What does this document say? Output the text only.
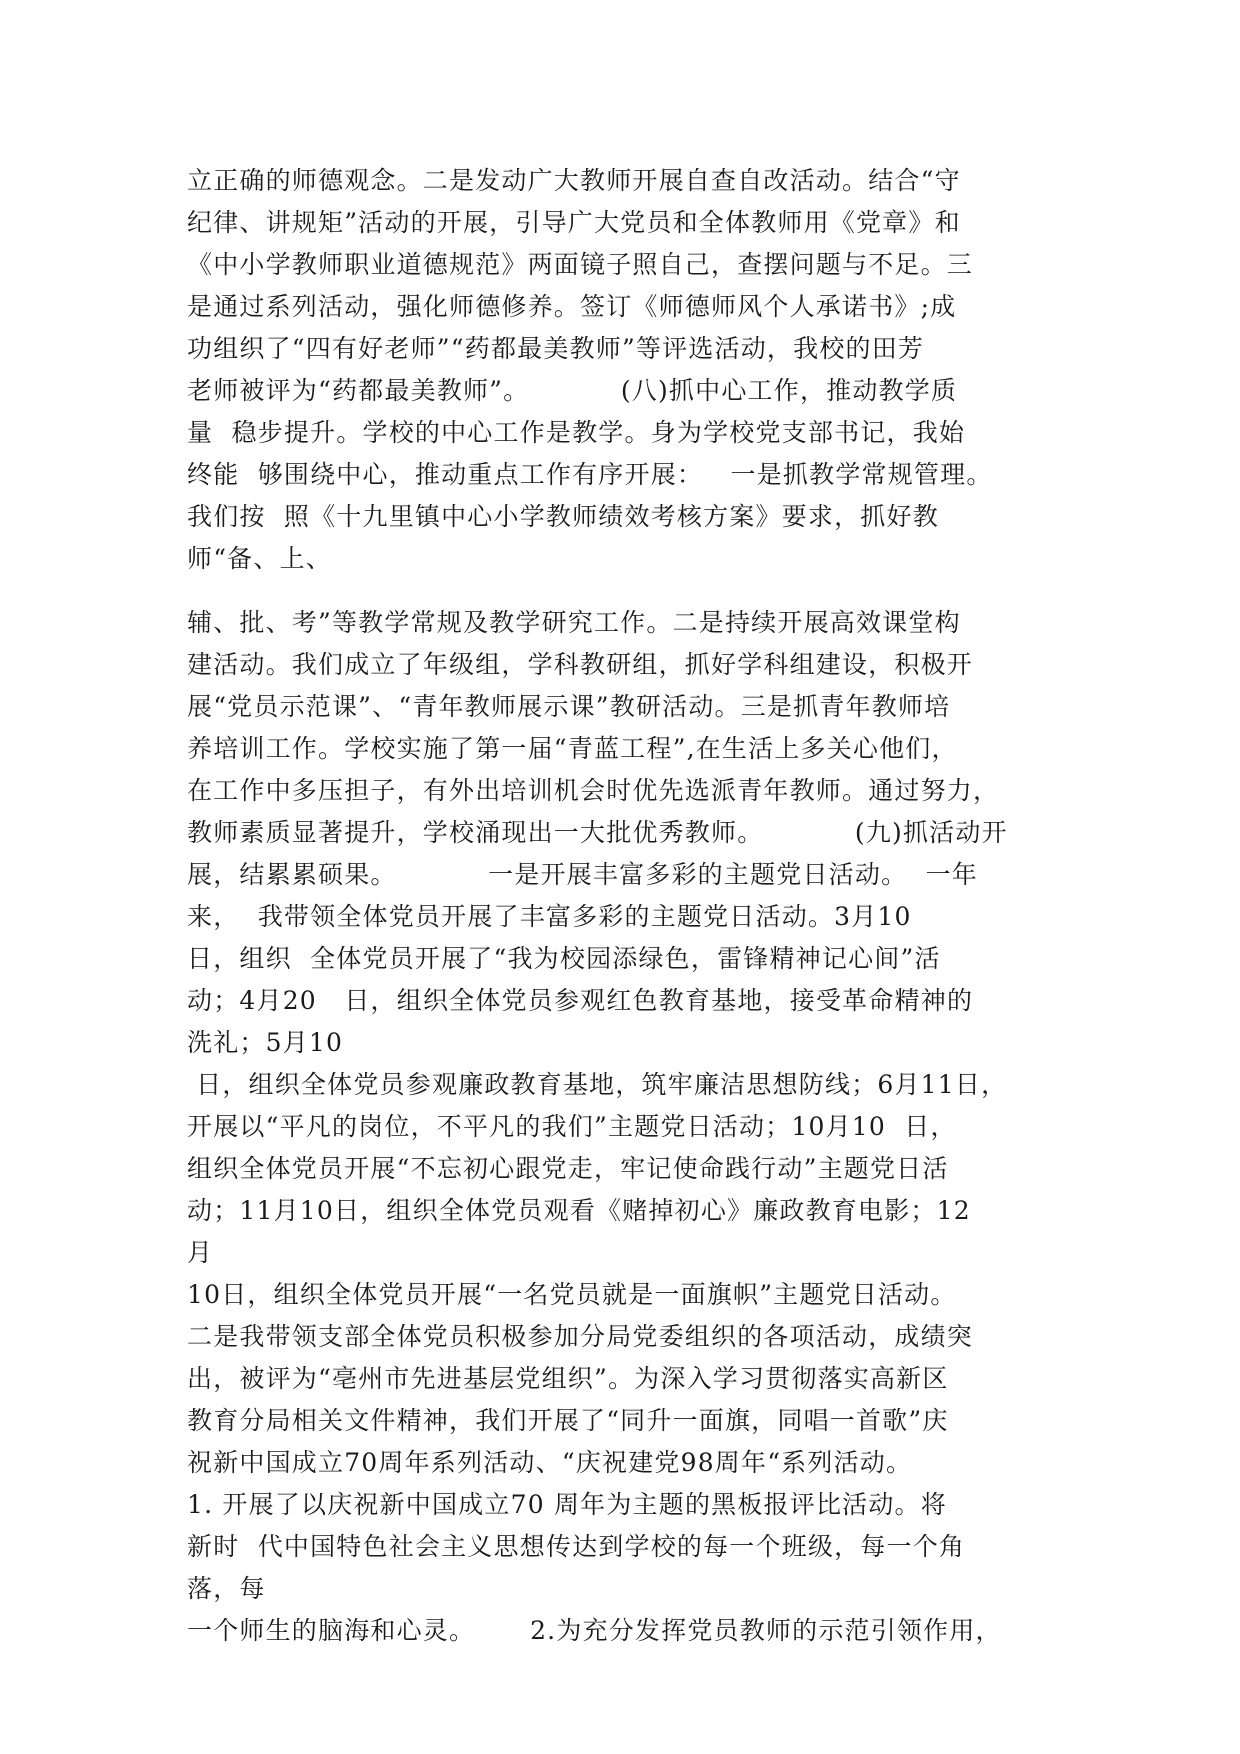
立正确的师德观念。二是发动广大教师开展自查自改活动。结合“守
纪律、讲规矩”活动的开展，引导广大党员和全体教师用《党章》和
《中小学教师职业道德规范》两面镜子照自己，查摆问题与不足。三
是通过系列活动，强化师德修养。签订《师德师风个人承诺书》;成
功组织了“四有好老师”“药都最美教师”等评选活动，我校的田芳
老师被评为“药都最美教师”。          (八)抓中心工作，推动教学质
量  稳步提升。学校的中心工作是教学。身为学校党支部书记，我始
终能  够围绕中心，推动重点工作有序开展：   一是抓教学常规管理。
我们按  照《十九里镇中心小学教师绩效考核方案》要求，抓好教
师“备、上、
辅、批、考”等教学常规及教学研究工作。二是持续开展高效课堂构
建活动。我们成立了年级组，学科教研组，抓好学科组建设，积极开
展“党员示范课”、“青年教师展示课”教研活动。三是抓青年教师培
养培训工作。学校实施了第一届“青蓝工程”,在生活上多关心他们，
在工作中多压担子，有外出培训机会时优先选派青年教师。通过努力，
教师素质显著提升，学校涌现出一大批优秀教师。          (九)抓活动开
展，结累累硕果。          一是开展丰富多彩的主题党日活动。  一年
来，  我带领全体党员开展了丰富多彩的主题党日活动。3月10
日，组织  全体党员开展了“我为校园添绿色，雷锋精神记心间”活
动；4月20   日，组织全体党员参观红色教育基地，接受革命精神的
洗礼；5月10
日，组织全体党员参观廉政教育基地，筑牢廉洁思想防线；6月11日，
开展以“平凡的岗位，不平凡的我们”主题党日活动；10月10  日，
组织全体党员开展“不忘初心跟党走，牢记使命践行动”主题党日活
动；11月10日，组织全体党员观看《赌掉初心》廉政教育电影；12
月
10日，组织全体党员开展“一名党员就是一面旗帜”主题党日活动。
二是我带领支部全体党员积极参加分局党委组织的各项活动，成绩突
出，被评为“亳州市先进基层党组织”。为深入学习贯彻落实高新区
教育分局相关文件精神，我们开展了“同升一面旗，同唱一首歌”庆
祝新中国成立70周年系列活动、“庆祝建党98周年“系列活动。
1. 开展了以庆祝新中国成立70 周年为主题的黑板报评比活动。将
新时  代中国特色社会主义思想传达到学校的每一个班级，每一个角
落，每
一个师生的脑海和心灵。      2.为充分发挥党员教师的示范引领作用，
